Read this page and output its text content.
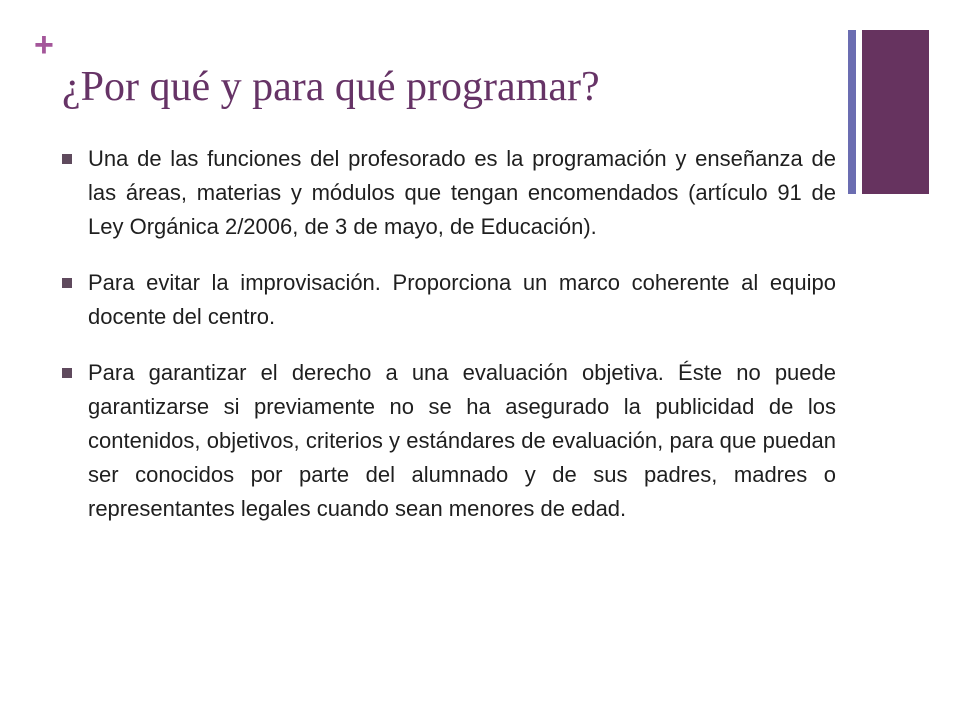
+
¿Por qué y para qué programar?
Una de las funciones del profesorado es la programación y enseñanza de las áreas, materias y módulos que tengan encomendados (artículo 91 de Ley Orgánica 2/2006, de 3 de mayo, de Educación).
Para evitar la improvisación. Proporciona un marco coherente al equipo docente del centro.
Para garantizar el derecho a una evaluación objetiva. Éste no puede garantizarse si previamente no se ha asegurado la publicidad de los contenidos, objetivos, criterios y estándares de evaluación, para que puedan ser conocidos por parte del alumnado y de sus padres, madres o representantes legales cuando sean menores de edad.
